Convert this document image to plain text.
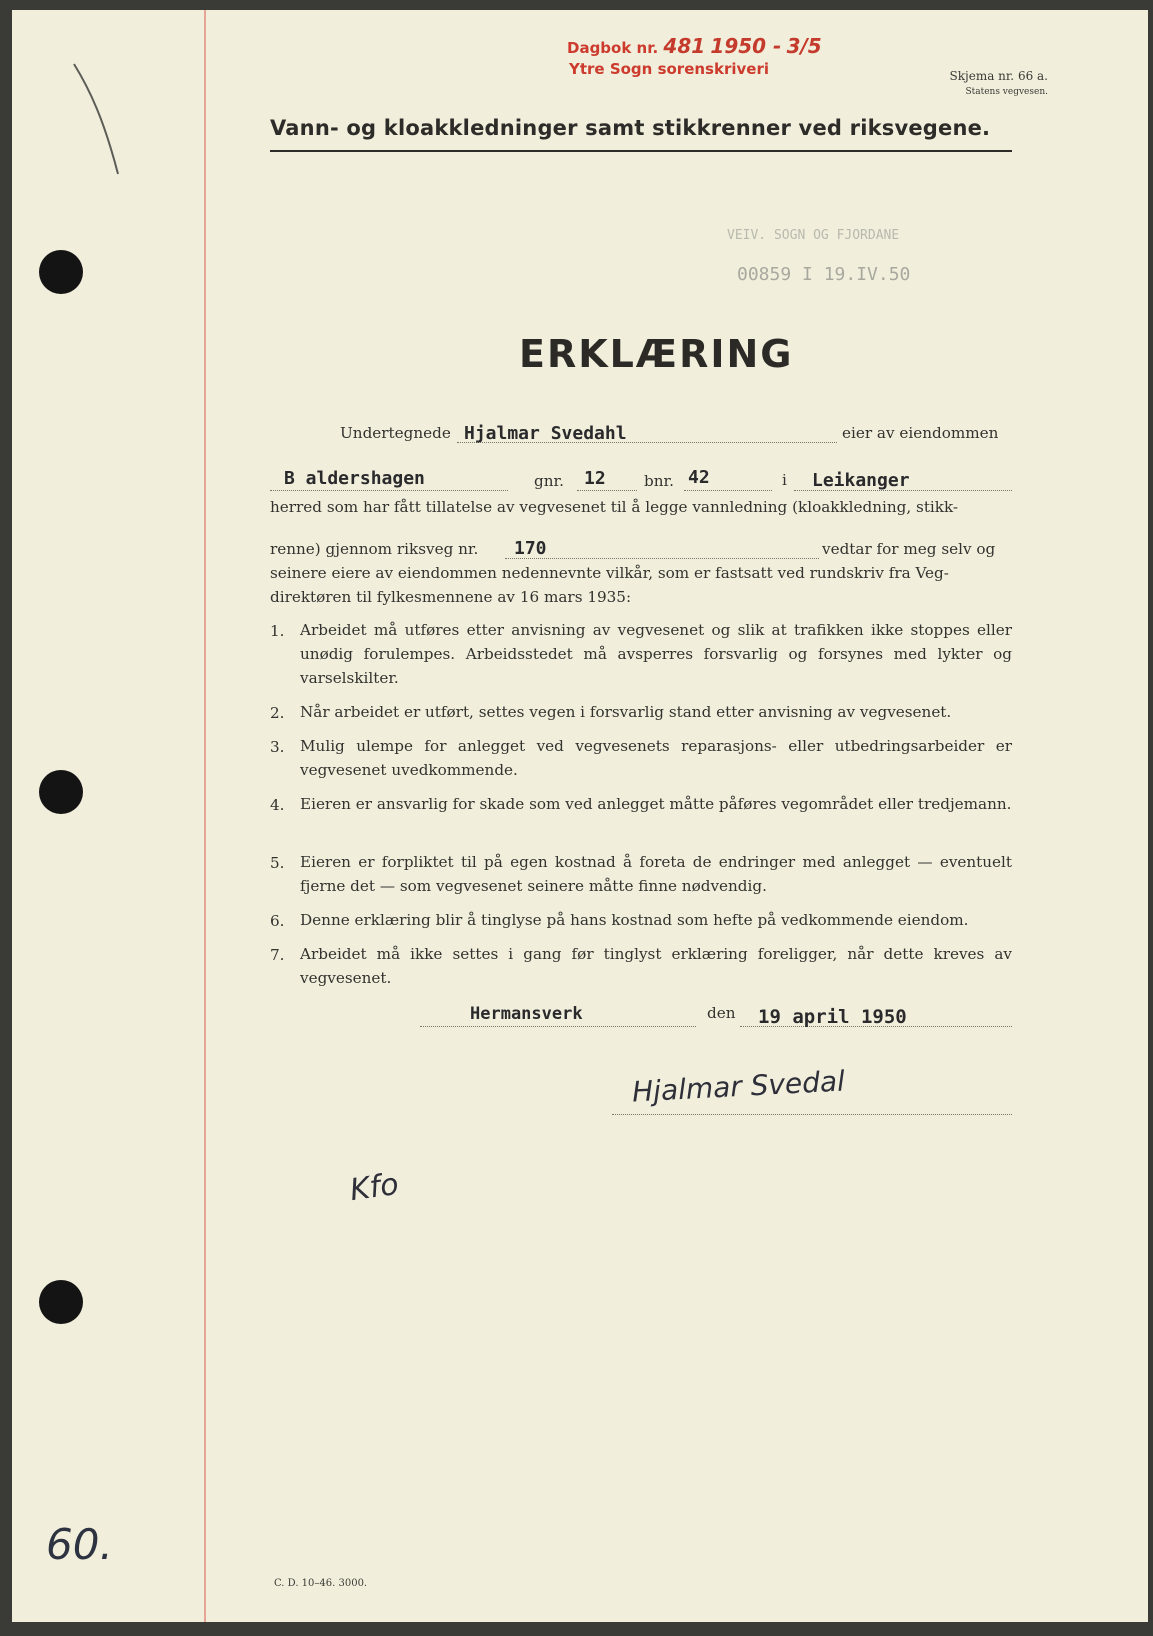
Dagbok nr. 481 1950 - 3/5
Ytre Sogn sorenskriveri	Skjema nr. 66 a.
Statens vegvesen.
Vann- og kloakkledninger samt stikkrenner ved riksvegene.
VEIV. SOGN OG FJORDANE
00859 I 19.IV.50
ERKLÆRING
Undertegnede Hjalmar Svedahl	eier av eiendommen
B aldershagen	gnr. 12	bnr. 42	i Leikanger
herred som har fått tillatelse av vegvesenet til å legge vannledning (kloakkledning, stikk-
renne) gjennom riksveg nr. 170	vedtar for meg selv og
seinere eiere av eiendommen nedennevnte vilkår, som er fastsatt ved rundskriv fra Veg-
direktøren til fylkesmennene av 16 mars 1935:
1. Arbeidet må utføres etter anvisning av vegvesenet og slik at trafikken ikke stoppes eller unødig forulempes. Arbeidsstedet må avsperres forsvarlig og forsynes med lykter og varselskilter.
2. Når arbeidet er utført, settes vegen i forsvarlig stand etter anvisning av vegvesenet.
3. Mulig ulempe for anlegget ved vegvesenets reparasjons- eller utbedringsarbeider er vegvesenet uvedkommende.
4. Eieren er ansvarlig for skade som ved anlegget måtte påføres vegområdet eller tredjemann.
5. Eieren er forpliktet til på egen kostnad å foreta de endringer med anlegget — eventuelt fjerne det — som vegvesenet seinere måtte finne nødvendig.
6. Denne erklæring blir å tinglyse på hans kostnad som hefte på vedkommende eiendom.
7. Arbeidet må ikke settes i gang før tinglyst erklæring foreligger, når dette kreves av vegvesenet.
Hermansverk	den 19 april 1950
Hjalmar Svedal
Kfo
60.
C. D. 10–46. 3000.
